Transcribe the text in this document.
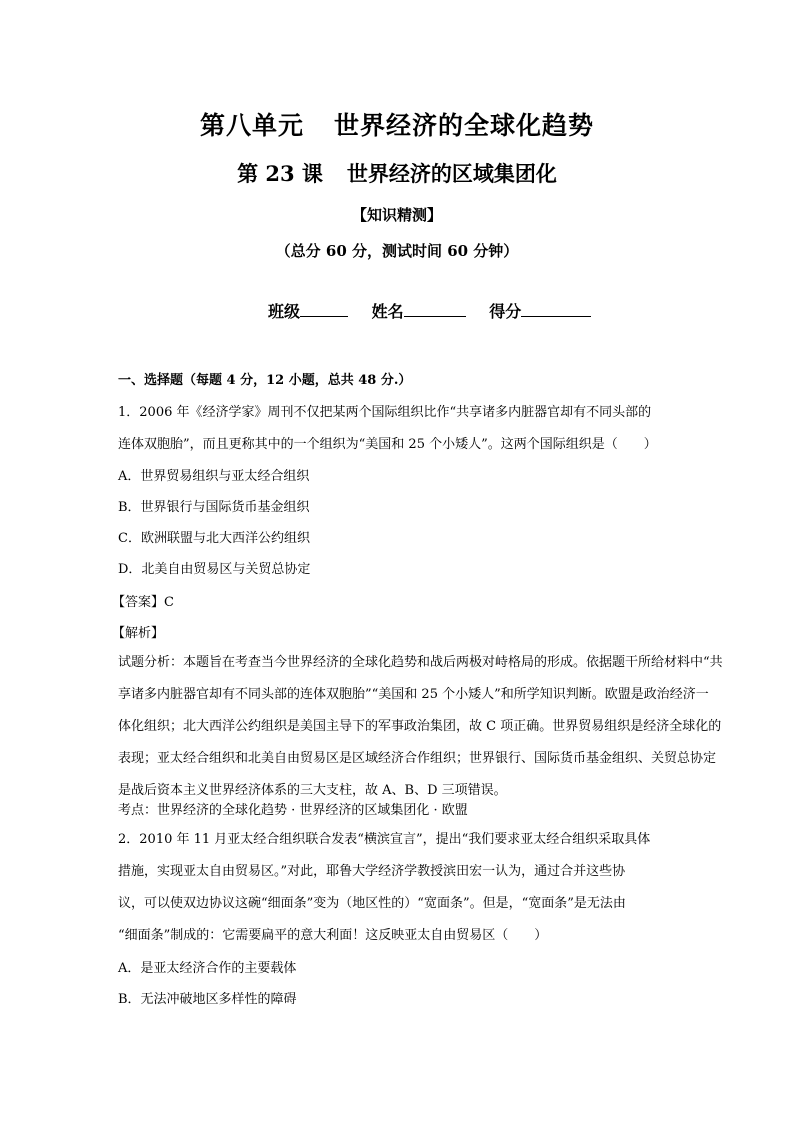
第八单元 世界经济的全球化趋势
第 23 课 世界经济的区域集团化
【知识精测】
（总分 60 分，测试时间 60 分钟）
班级	姓名	得分
一、选择题（每题 4 分，12 小题，总共 48 分.）
1．2006 年《经济学家》周刊不仅把某两个国际组织比作“共享诸多内脏器官却有不同头部的
连体双胞胎”，而且更称其中的一个组织为“美国和 25 个小矮人”。这两个国际组织是（　　）
A．世界贸易组织与亚太经合组织
B．世界银行与国际货币基金组织
C．欧洲联盟与北大西洋公约组织
D．北美自由贸易区与关贸总协定
【答案】C
【解析】
试题分析：本题旨在考查当今世界经济的全球化趋势和战后两极对峙格局的形成。依据题干所给材料中“共
享诸多内脏器官却有不同头部的连体双胞胎”“美国和 25 个小矮人”和所学知识判断。欧盟是政治经济一
体化组织；北大西洋公约组织是美国主导下的军事政治集团，故 C 项正确。世界贸易组织是经济全球化的
表现；亚太经合组织和北美自由贸易区是区域经济合作组织；世界银行、国际货币基金组织、关贸总协定
是战后资本主义世界经济体系的三大支柱，故 A、B、D 三项错误。
考点：世界经济的全球化趋势 · 世界经济的区域集团化 · 欧盟
2．2010 年 11 月亚太经合组织联合发表“横滨宣言”，提出“我们要求亚太经合组织采取具体
措施，实现亚太自由贸易区。”对此，耶鲁大学经济学教授滨田宏一认为，通过合并这些协
议，可以使双边协议这碗“细面条”变为（地区性的）“宽面条”。但是，“宽面条”是无法由
“细面条”制成的：它需要扁平的意大利面！这反映亚太自由贸易区（　　）
A．是亚太经济合作的主要载体
B．无法冲破地区多样性的障碍
